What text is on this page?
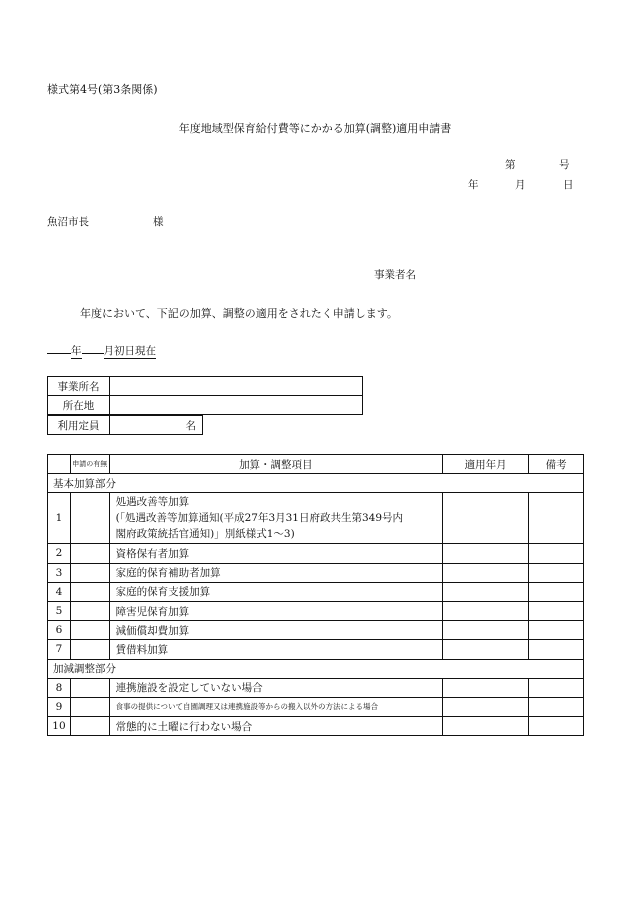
様式第4号(第3条関係)
年度地域型保育給付費等にかかる加算(調整)適用申請書
第	号
年	月	日
魚沼市長	様
事業者名
年度において、下記の加算、調整の適用をされたく申請します。
年 月初日現在
事業所名	
所在地	
利用定員	名
	申請の有無	加算・調整項目	適用年月	備考
基本加算部分				
1		処遇改善等加算
(「処遇改善等加算通知(平成27年3月31日府政共生第349号内
閣府政策統括官通知)」別紙様式1〜3)		

2		資格保有者加算		
3		家庭的保育補助者加算		
4		家庭的保育支援加算		
5		障害児保育加算		
6		減価償却費加算		
7		賃借料加算		
加減調整部分				
8		連携施設を設定していない場合		
9		食事の提供について自園調理又は連携施設等からの搬入以外の方法による場合		
10		常態的に土曜に行わない場合		
